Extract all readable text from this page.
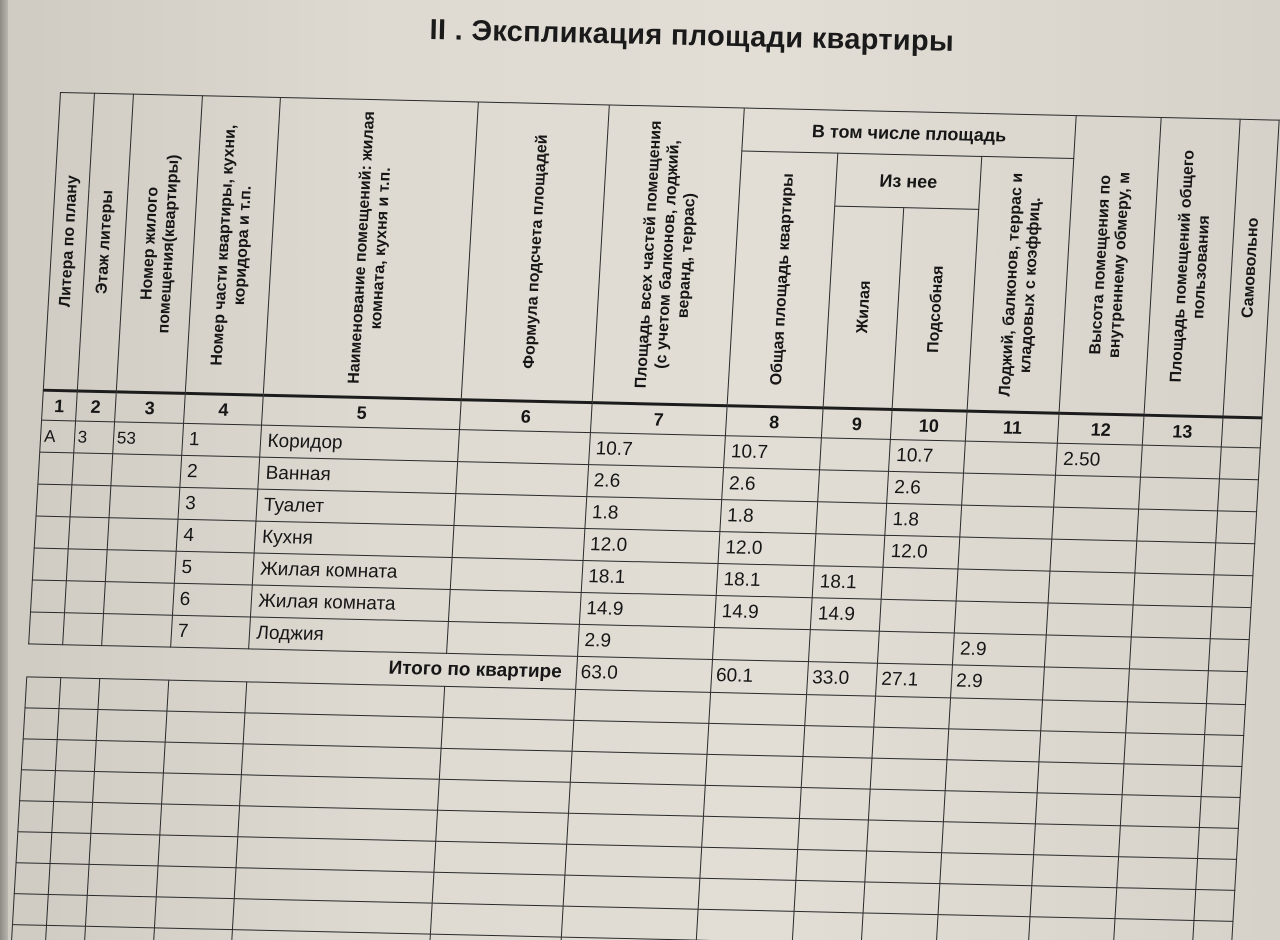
II . Экспликация площади квартиры
Литера по плану	Этаж литеры	Номер жилого помещения(квартиры)	Номер части квартиры, кухни, коридора и т.п.	Наименование помещений: жилая комната, кухня и т.п.	Формула подсчета площадей	Площадь всех частей помещения (с учетом балконов, лоджий, веранд, террас)	В том числе площадь				Высота помещения по внутреннему обмеру, м	Площадь помещений общего пользования	Самовольно

							Общая площадь квартиры	Из нее		Лоджий, балконов, террас и кладовых с коэффиц.			

								Жилая	Подсобная				

1	2	3	4	5	6	7	8	9	10	11	12	13	
А	3	53	1	Коридор		10.7	10.7		10.7		2.50		
			2	Ванная		2.6	2.6		2.6				
			3	Туалет		1.8	1.8		1.8				
			4	Кухня		12.0	12.0		12.0				
			5	Жилая комната		18.1	18.1	18.1					
			6	Жилая комната		14.9	14.9	14.9					
			7	Лоджия		2.9				2.9			
Итого по квартире						63.0	60.1	33.0	27.1	2.9			
